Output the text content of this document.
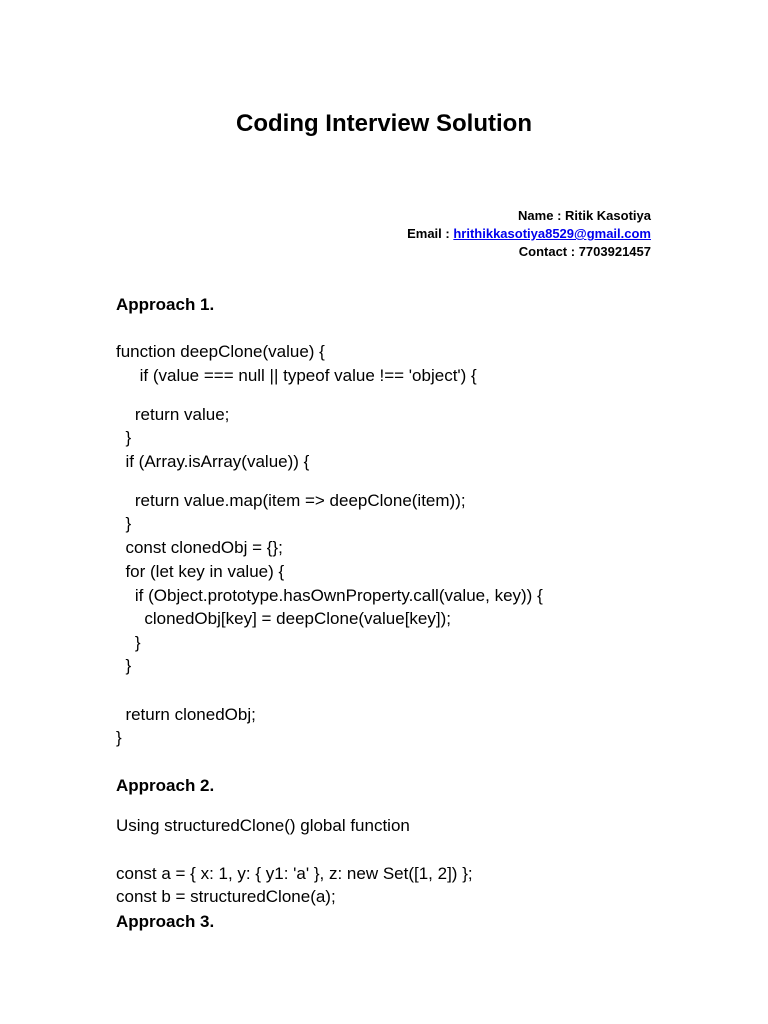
Coding Interview Solution
Name : Ritik Kasotiya
Email : hrithikkasotiya8529@gmail.com
Contact : 7703921457
Approach 1.
function deepClone(value) {
if (value === null || typeof value !== 'object') {
return value;
}
if (Array.isArray(value)) {
return value.map(item => deepClone(item));
}
const clonedObj = {};
for (let key in value) {
if (Object.prototype.hasOwnProperty.call(value, key)) {
clonedObj[key] = deepClone(value[key]);
}
}
return clonedObj;
}
Approach 2.
Using structuredClone() global function
const a = { x: 1, y: { y1: 'a' }, z: new Set([1, 2]) };
const b = structuredClone(a);
Approach 3.
